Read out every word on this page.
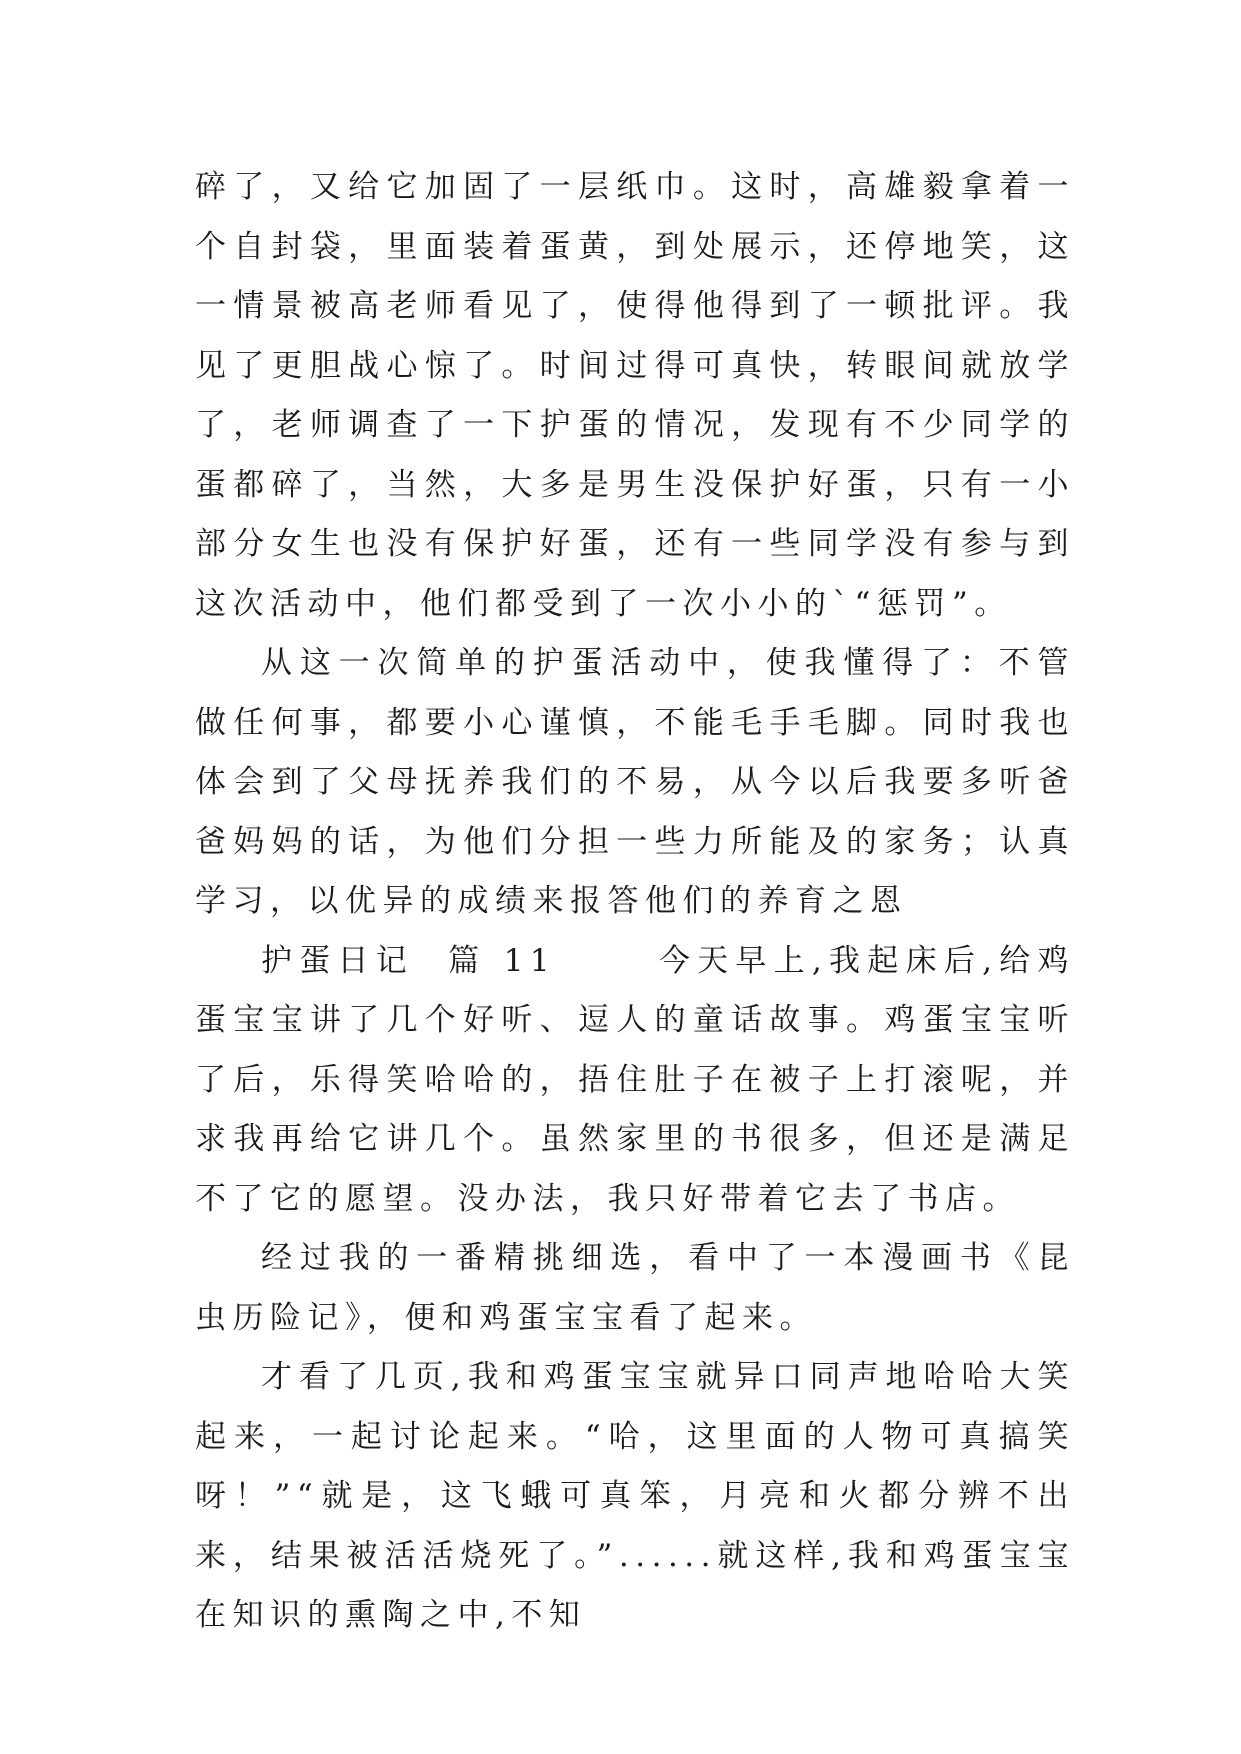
碎了，又给它加固了一层纸巾。这时，高雄毅拿着一个自封袋，里面装着蛋黄，到处展示，还停地笑，这一情景被高老师看见了，使得他得到了一顿批评。我见了更胆战心惊了。时间过得可真快，转眼间就放学了，老师调查了一下护蛋的情况，发现有不少同学的蛋都碎了，当然，大多是男生没保护好蛋，只有一小部分女生也没有保护好蛋，还有一些同学没有参与到这次活动中，他们都受到了一次小小的`“惩罚”。

从这一次简单的护蛋活动中，使我懂得了：不管做任何事，都要小心谨慎，不能毛手毛脚。同时我也体会到了父母抚养我们的不易，从今以后我要多听爸爸妈妈的话，为他们分担一些力所能及的家务；认真学习，以优异的成绩来报答他们的养育之恩

护蛋日记  篇 11      今天早上,我起床后,给鸡蛋宝宝讲了几个好听、逗人的童话故事。鸡蛋宝宝听了后，乐得笑哈哈的，捂住肚子在被子上打滚呢，并求我再给它讲几个。虽然家里的书很多，但还是满足不了它的愿望。没办法，我只好带着它去了书店。

经过我的一番精挑细选，看中了一本漫画书《昆虫历险记》，便和鸡蛋宝宝看了起来。

才看了几页,我和鸡蛋宝宝就异口同声地哈哈大笑起来，一起讨论起来。“哈，这里面的人物可真搞笑呀！”“就是，这飞蛾可真笨，月亮和火都分辨不出来，结果被活活烧死了。”......就这样,我和鸡蛋宝宝在知识的熏陶之中,不知
